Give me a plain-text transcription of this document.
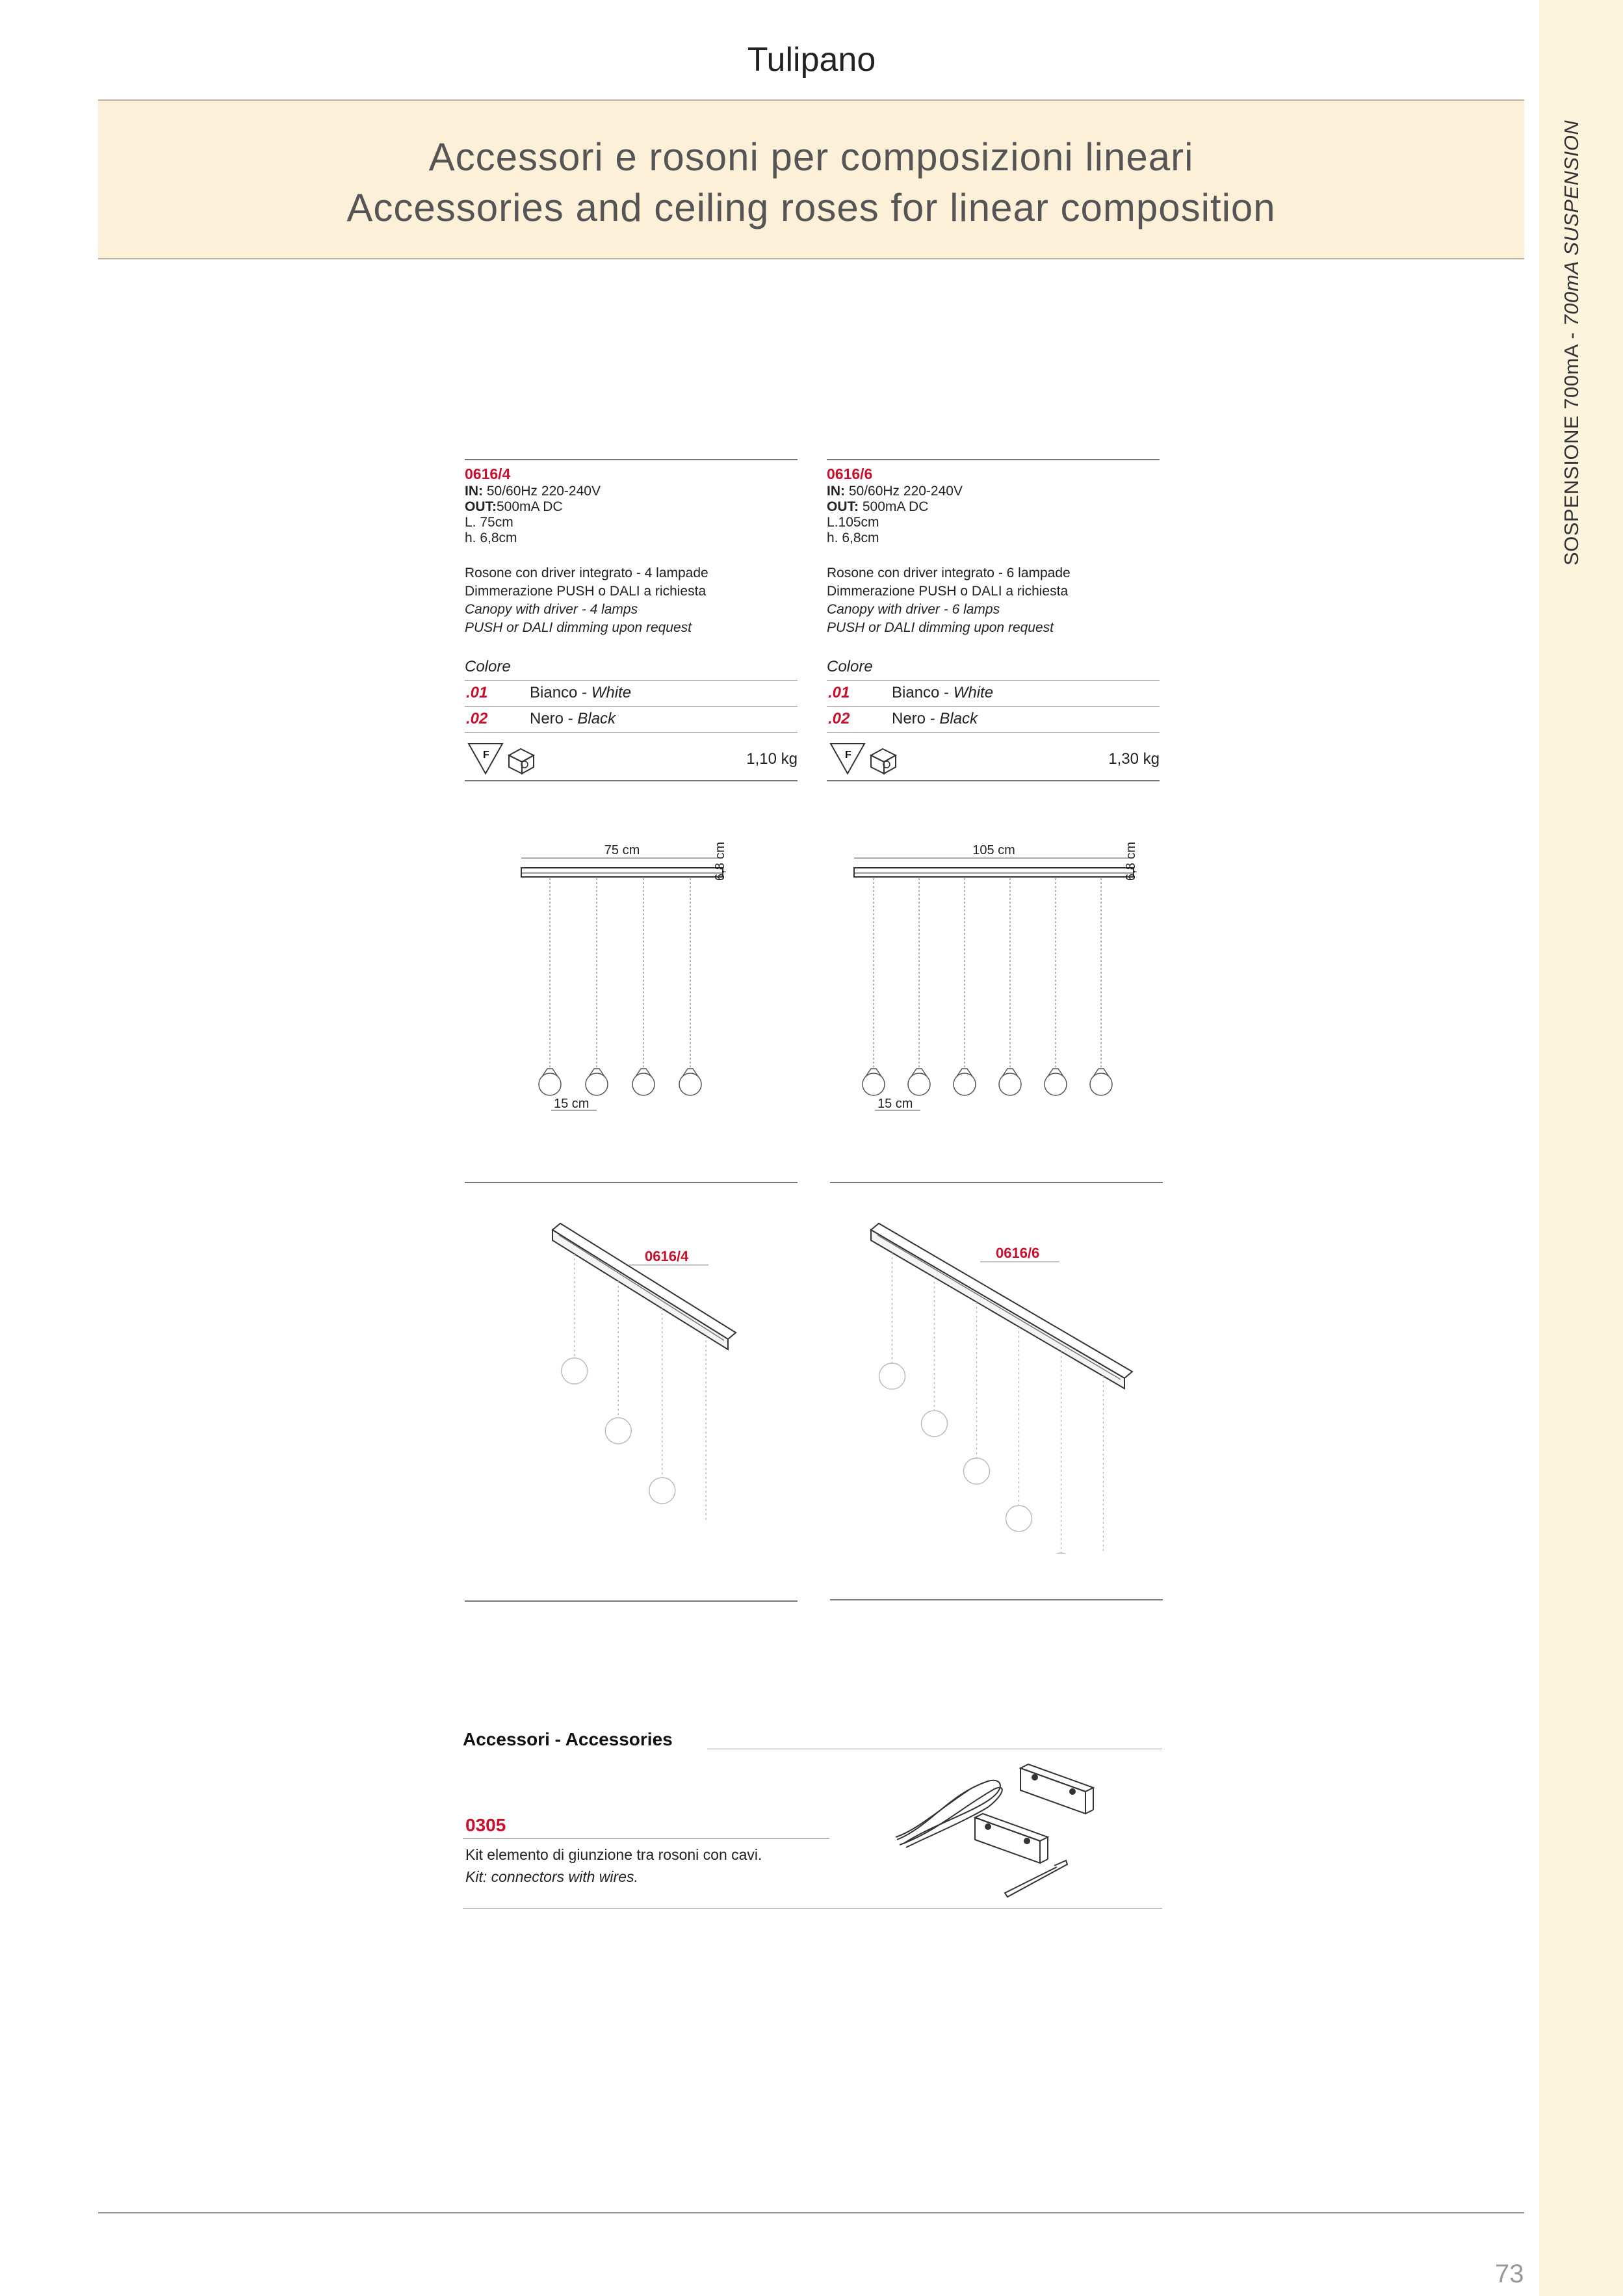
SOSPENSIONE 700mA - 700mA SUSPENSION
Tulipano
Accessori e rosoni per composizioni lineari
Accessories and ceiling roses for linear composition
0616/4
IN: 50/60Hz 220-240V
OUT:500mA DC
L. 75cm
h. 6,8cm
Rosone con driver integrato - 4 lampade
Dimmerazione PUSH o DALI a richiesta
Canopy with driver - 4 lamps
PUSH or DALI dimming upon request
Colore
.01	Bianco - White
.02	Nero - Black
F	1,10 kg
0616/6
IN: 50/60Hz 220-240V
OUT: 500mA DC
L.105cm
h. 6,8cm
Rosone con driver integrato - 6 lampade
Dimmerazione PUSH o DALI a richiesta
Canopy with driver - 6 lamps
PUSH or DALI dimming upon request
Colore
.01	Bianco - White
.02	Nero - Black
F	1,30 kg
75 cm	6,8 cm
15 cm
105 cm	6,8 cm
15 cm
0616/4	0616/6
Accessori - Accessories
0305
Kit elemento di giunzione tra rosoni con cavi.
Kit: connectors with wires.
73
